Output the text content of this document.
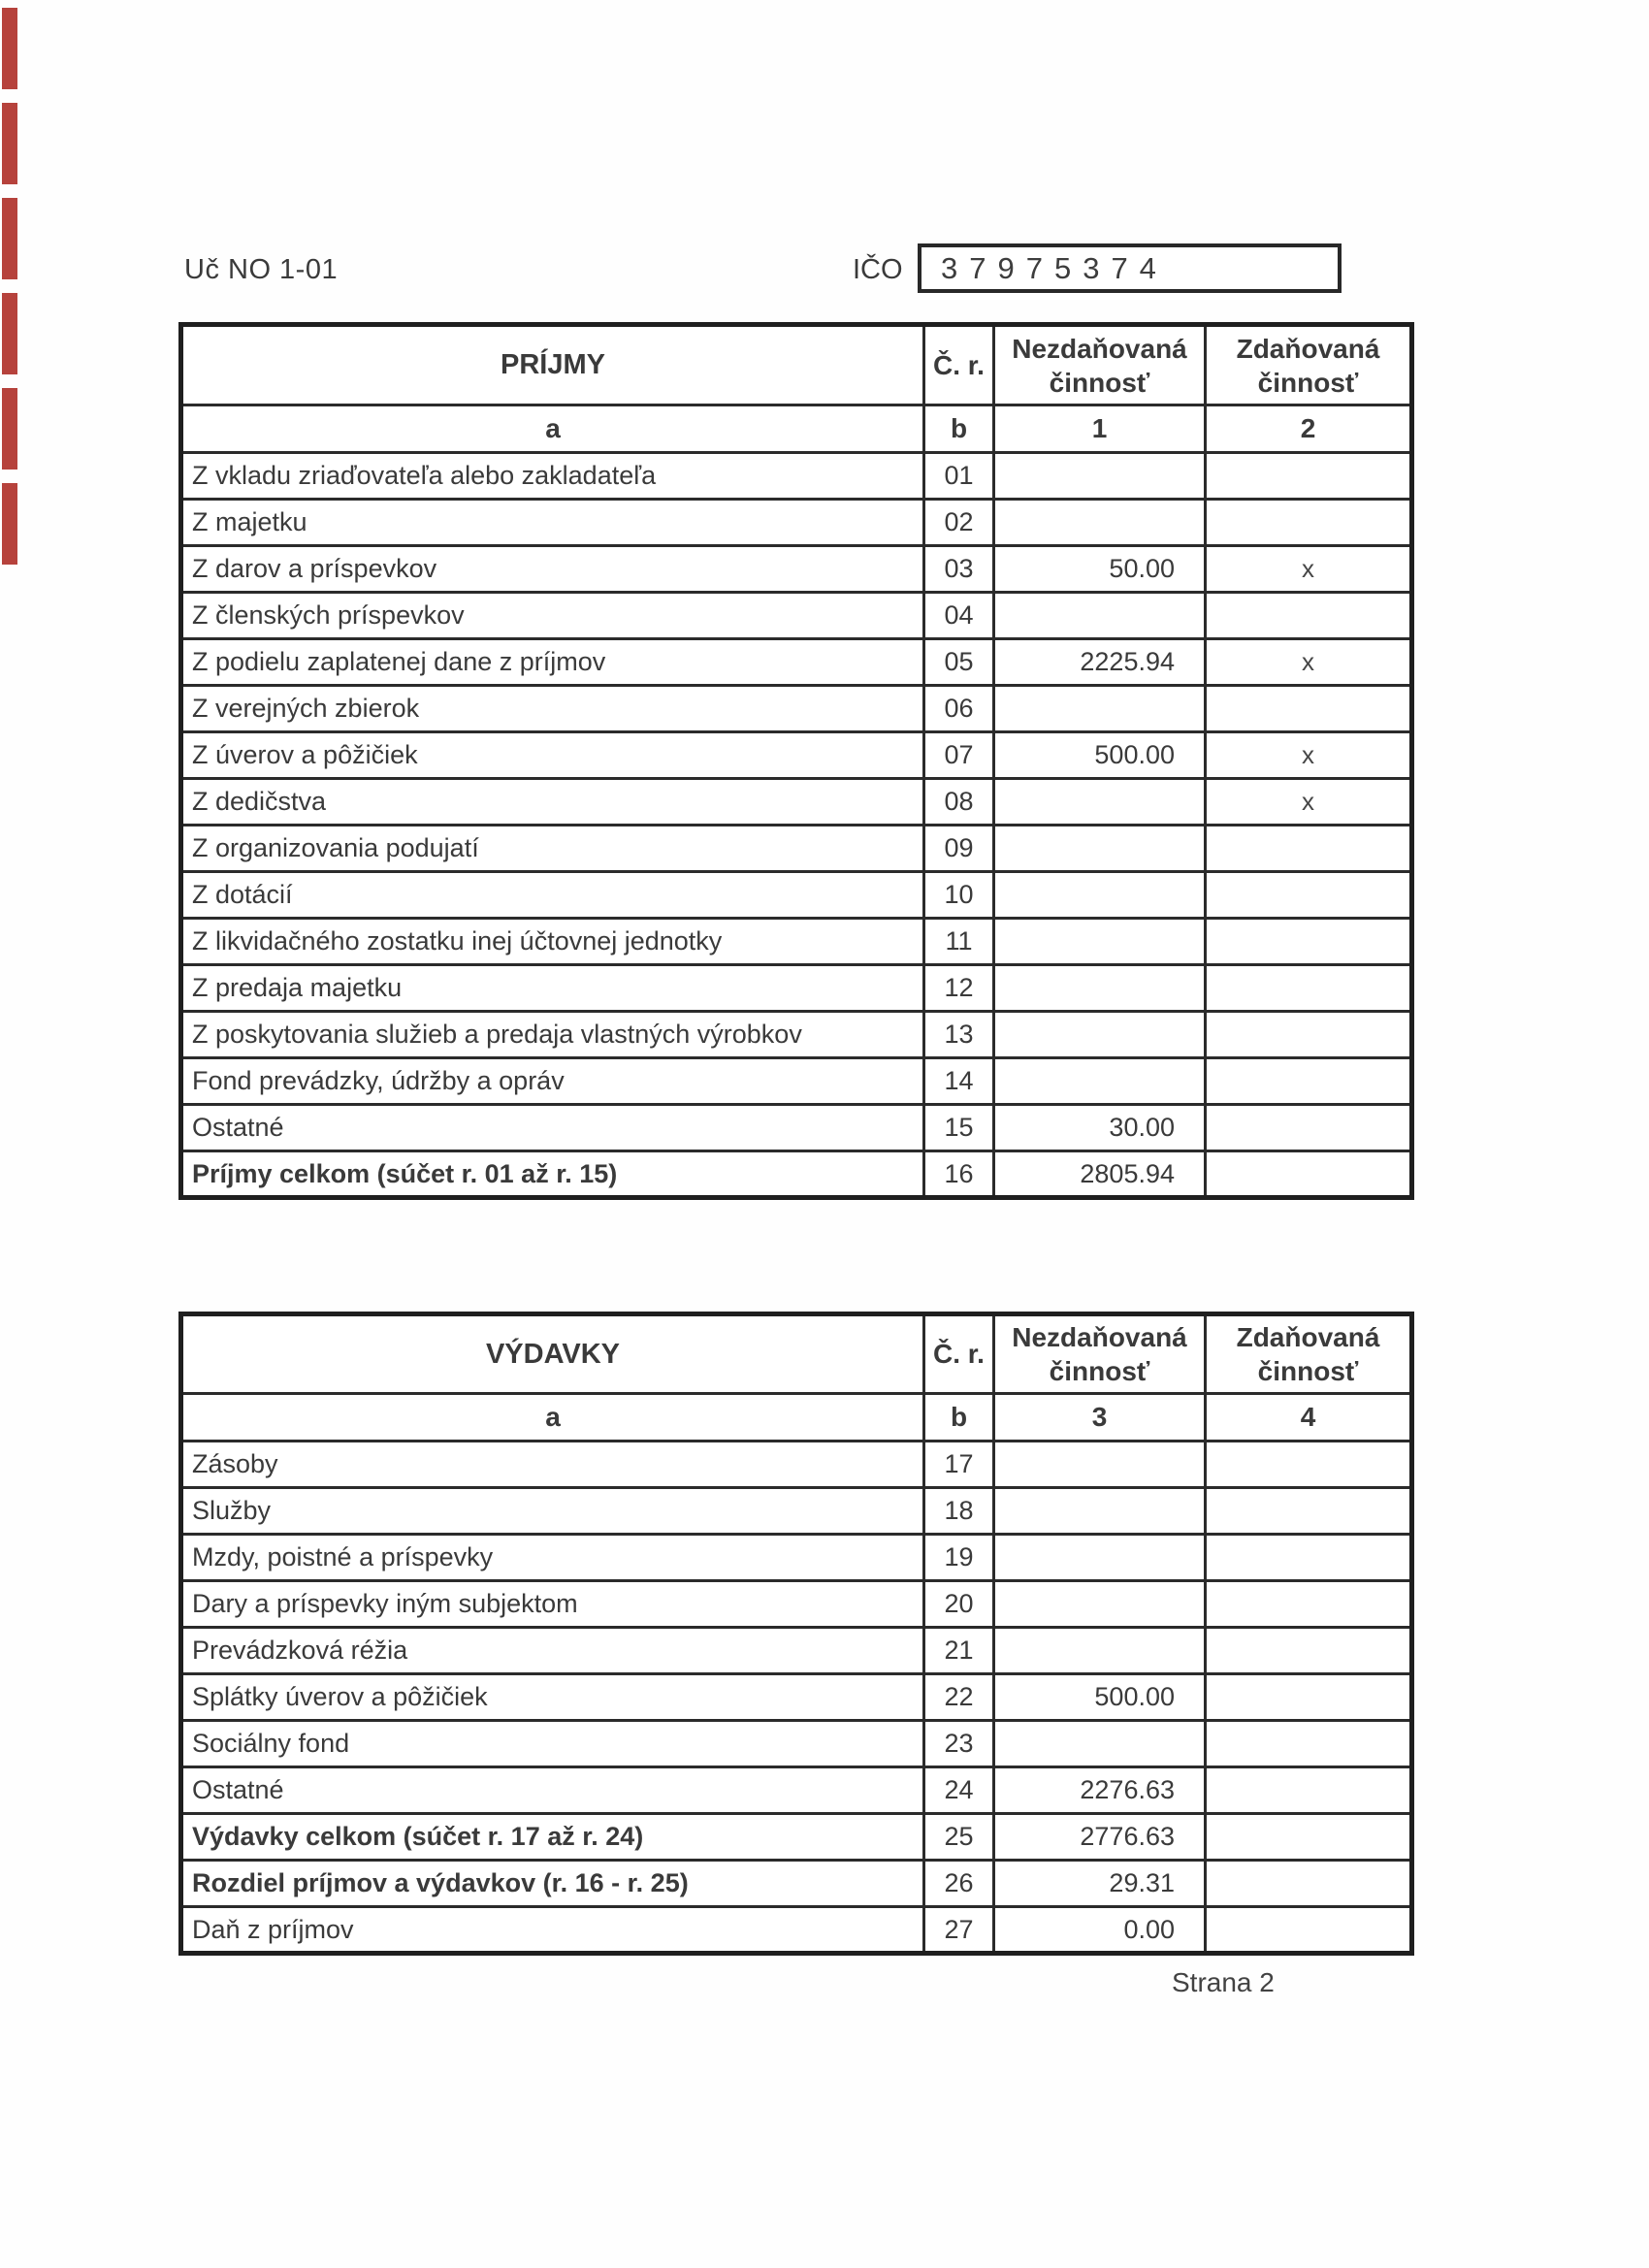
Uč NO 1-01	IČO	37975374
PRÍJMY	Č. r.	Nezdaňovaná činnosť	Zdaňovaná činnosť
a	b	1	2
Z vkladu zriaďovateľa alebo zakladateľa	01		
Z majetku	02		
Z darov a príspevkov	03	50.00	x
Z členských príspevkov	04		
Z podielu zaplatenej dane z príjmov	05	2225.94	x
Z verejných zbierok	06		
Z úverov a pôžičiek	07	500.00	x
Z dedičstva	08		x
Z organizovania podujatí	09		
Z dotácií	10		
Z likvidačného zostatku inej účtovnej jednotky	11		
Z predaja majetku	12		
Z poskytovania služieb a predaja vlastných výrobkov	13		
Fond prevádzky, údržby a opráv	14		
Ostatné	15	30.00	
Príjmy celkom (súčet r. 01 až r. 15)	16	2805.94	
VÝDAVKY	Č. r.	Nezdaňovaná činnosť	Zdaňovaná činnosť
a	b	3	4
Zásoby	17		
Služby	18		
Mzdy, poistné a príspevky	19		
Dary a príspevky iným subjektom	20		
Prevádzková réžia	21		
Splátky úverov a pôžičiek	22	500.00	
Sociálny fond	23		
Ostatné	24	2276.63	
Výdavky celkom (súčet r. 17 až r. 24)	25	2776.63	
Rozdiel príjmov a výdavkov (r. 16 - r. 25)	26	29.31	
Daň z príjmov	27	0.00	
Strana 2
